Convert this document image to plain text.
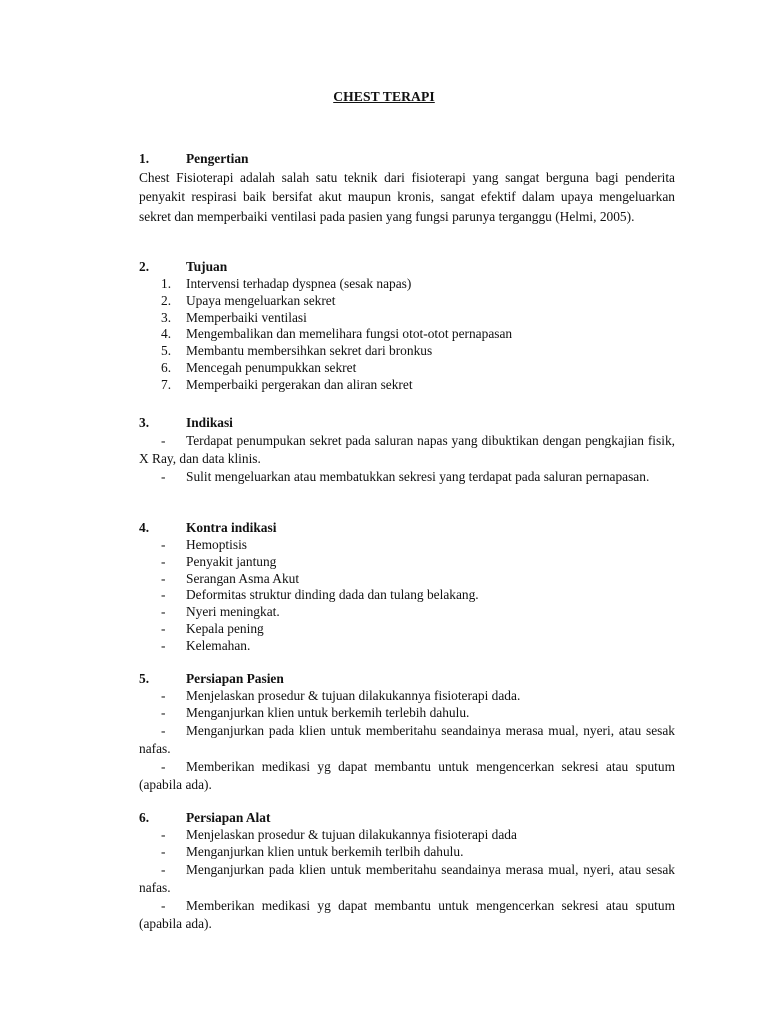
CHEST TERAPI
1.	Pengertian
Chest Fisioterapi adalah salah satu teknik dari fisioterapi yang sangat berguna bagi penderita penyakit respirasi baik bersifat akut maupun kronis, sangat efektif dalam upaya mengeluarkan sekret dan memperbaiki ventilasi pada pasien yang fungsi parunya terganggu (Helmi, 2005).
2.	Tujuan
1.	Intervensi terhadap dyspnea (sesak napas)
2.	Upaya mengeluarkan sekret
3.	Memperbaiki ventilasi
4.	Mengembalikan dan memelihara fungsi otot-otot pernapasan
5.	Membantu membersihkan sekret dari bronkus
6.	Mencegah penumpukkan sekret
7.	Memperbaiki pergerakan dan aliran sekret
3.	Indikasi
- Terdapat penumpukan sekret pada saluran napas yang dibuktikan dengan pengkajian fisik, X Ray, dan data klinis.
- Sulit mengeluarkan atau membatukkan sekresi yang terdapat pada saluran pernapasan.
4.	Kontra indikasi
-	Hemoptisis
-	Penyakit jantung
-	Serangan Asma Akut
-	Deformitas struktur dinding dada dan tulang belakang.
-	Nyeri meningkat.
-	Kepala pening
-	Kelemahan.
5.	Persiapan Pasien
- Menjelaskan prosedur & tujuan dilakukannya fisioterapi dada.
- Menganjurkan klien untuk berkemih terlebih dahulu.
- Menganjurkan pada klien untuk memberitahu seandainya merasa mual, nyeri, atau sesak nafas.
- Memberikan medikasi yg dapat membantu untuk mengencerkan sekresi atau sputum (apabila ada).
6.	Persiapan Alat
- Menjelaskan prosedur & tujuan dilakukannya fisioterapi dada
- Menganjurkan klien untuk berkemih terlbih dahulu.
- Menganjurkan pada klien untuk memberitahu seandainya merasa mual, nyeri, atau sesak nafas.
- Memberikan medikasi yg dapat membantu untuk mengencerkan sekresi atau sputum (apabila ada).
